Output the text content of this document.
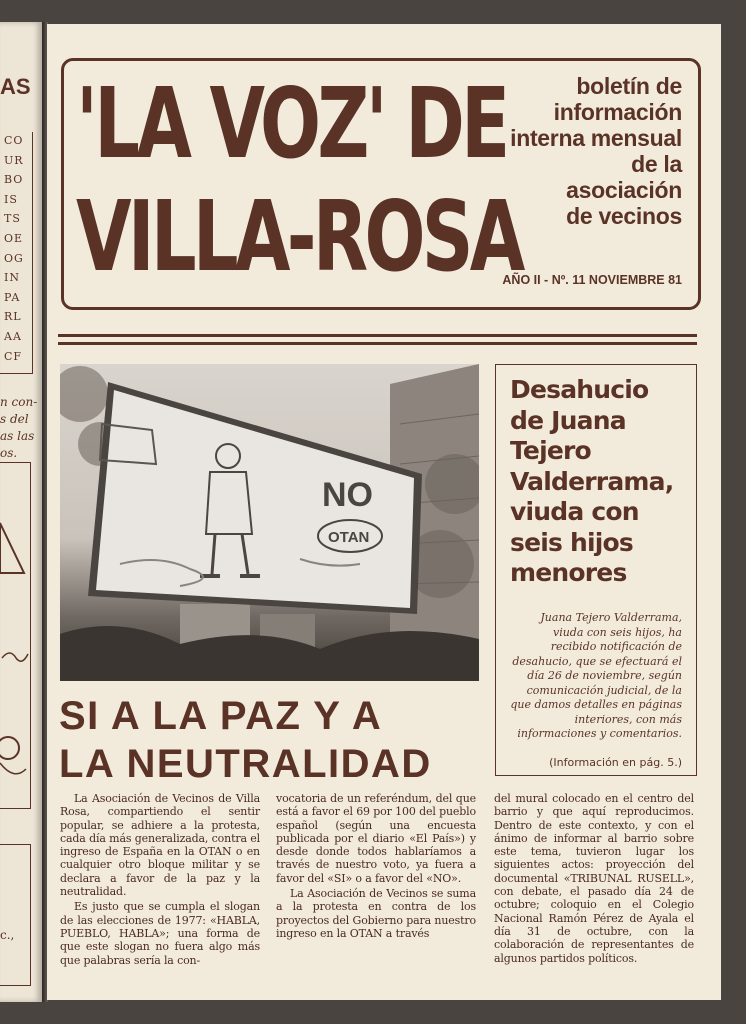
AS
CO
UR
BO
IS
TS
OE
OG
IN
PA
RL
AA
CF
n con-
s del
as las
os.
c.,
'LA VOZ' DE
VILLA-ROSA
boletín de
información
interna mensual
de la
asociación
de vecinos
AÑO II - Nº. 11 NOVIEMBRE 81
NO
OTAN
SI A LA PAZ Y A
LA NEUTRALIDAD
Desahucio
de Juana
Tejero
Valderrama,
viuda con
seis hijos
menores
Juana Tejero Valderrama, viuda con seis hijos, ha recibido notificación de desahucio, que se efectuará el día 26 de noviembre, según comunicación judicial, de la que damos detalles en páginas interiores, con más informaciones y comentarios.
(Información en pág. 5.)

La Asociación de Vecinos de Villa Rosa, compartiendo el sentir popular, se adhiere a la protesta, cada día más generalizada, contra el ingreso de España en la OTAN o en cualquier otro bloque militar y se declara a favor de la paz y la neutralidad.

Es justo que se cumpla el slogan de las elecciones de 1977: «HABLA, PUEBLO, HABLA»; una forma de que este slogan no fuera algo más que palabras sería la con-

vocatoria de un referéndum, del que está a favor el 69 por 100 del pueblo español (según una encuesta publicada por el diario «El País») y desde donde todos hablaríamos a través de nuestro voto, ya fuera a favor del «SI» o a favor del «NO».

La Asociación de Vecinos se suma a la protesta en contra de los proyectos del Gobierno para nuestro ingreso en la OTAN a través

del mural colocado en el centro del barrio y que aquí reproducimos. Dentro de este contexto, y con el ánimo de informar al barrio sobre este tema, tuvieron lugar los siguientes actos: proyección del documental «TRIBUNAL RUSELL», con debate, el pasado día 24 de octubre; coloquio en el Colegio Nacional Ramón Pérez de Ayala el día 31 de octubre, con la colaboración de representantes de algunos partidos políticos.
